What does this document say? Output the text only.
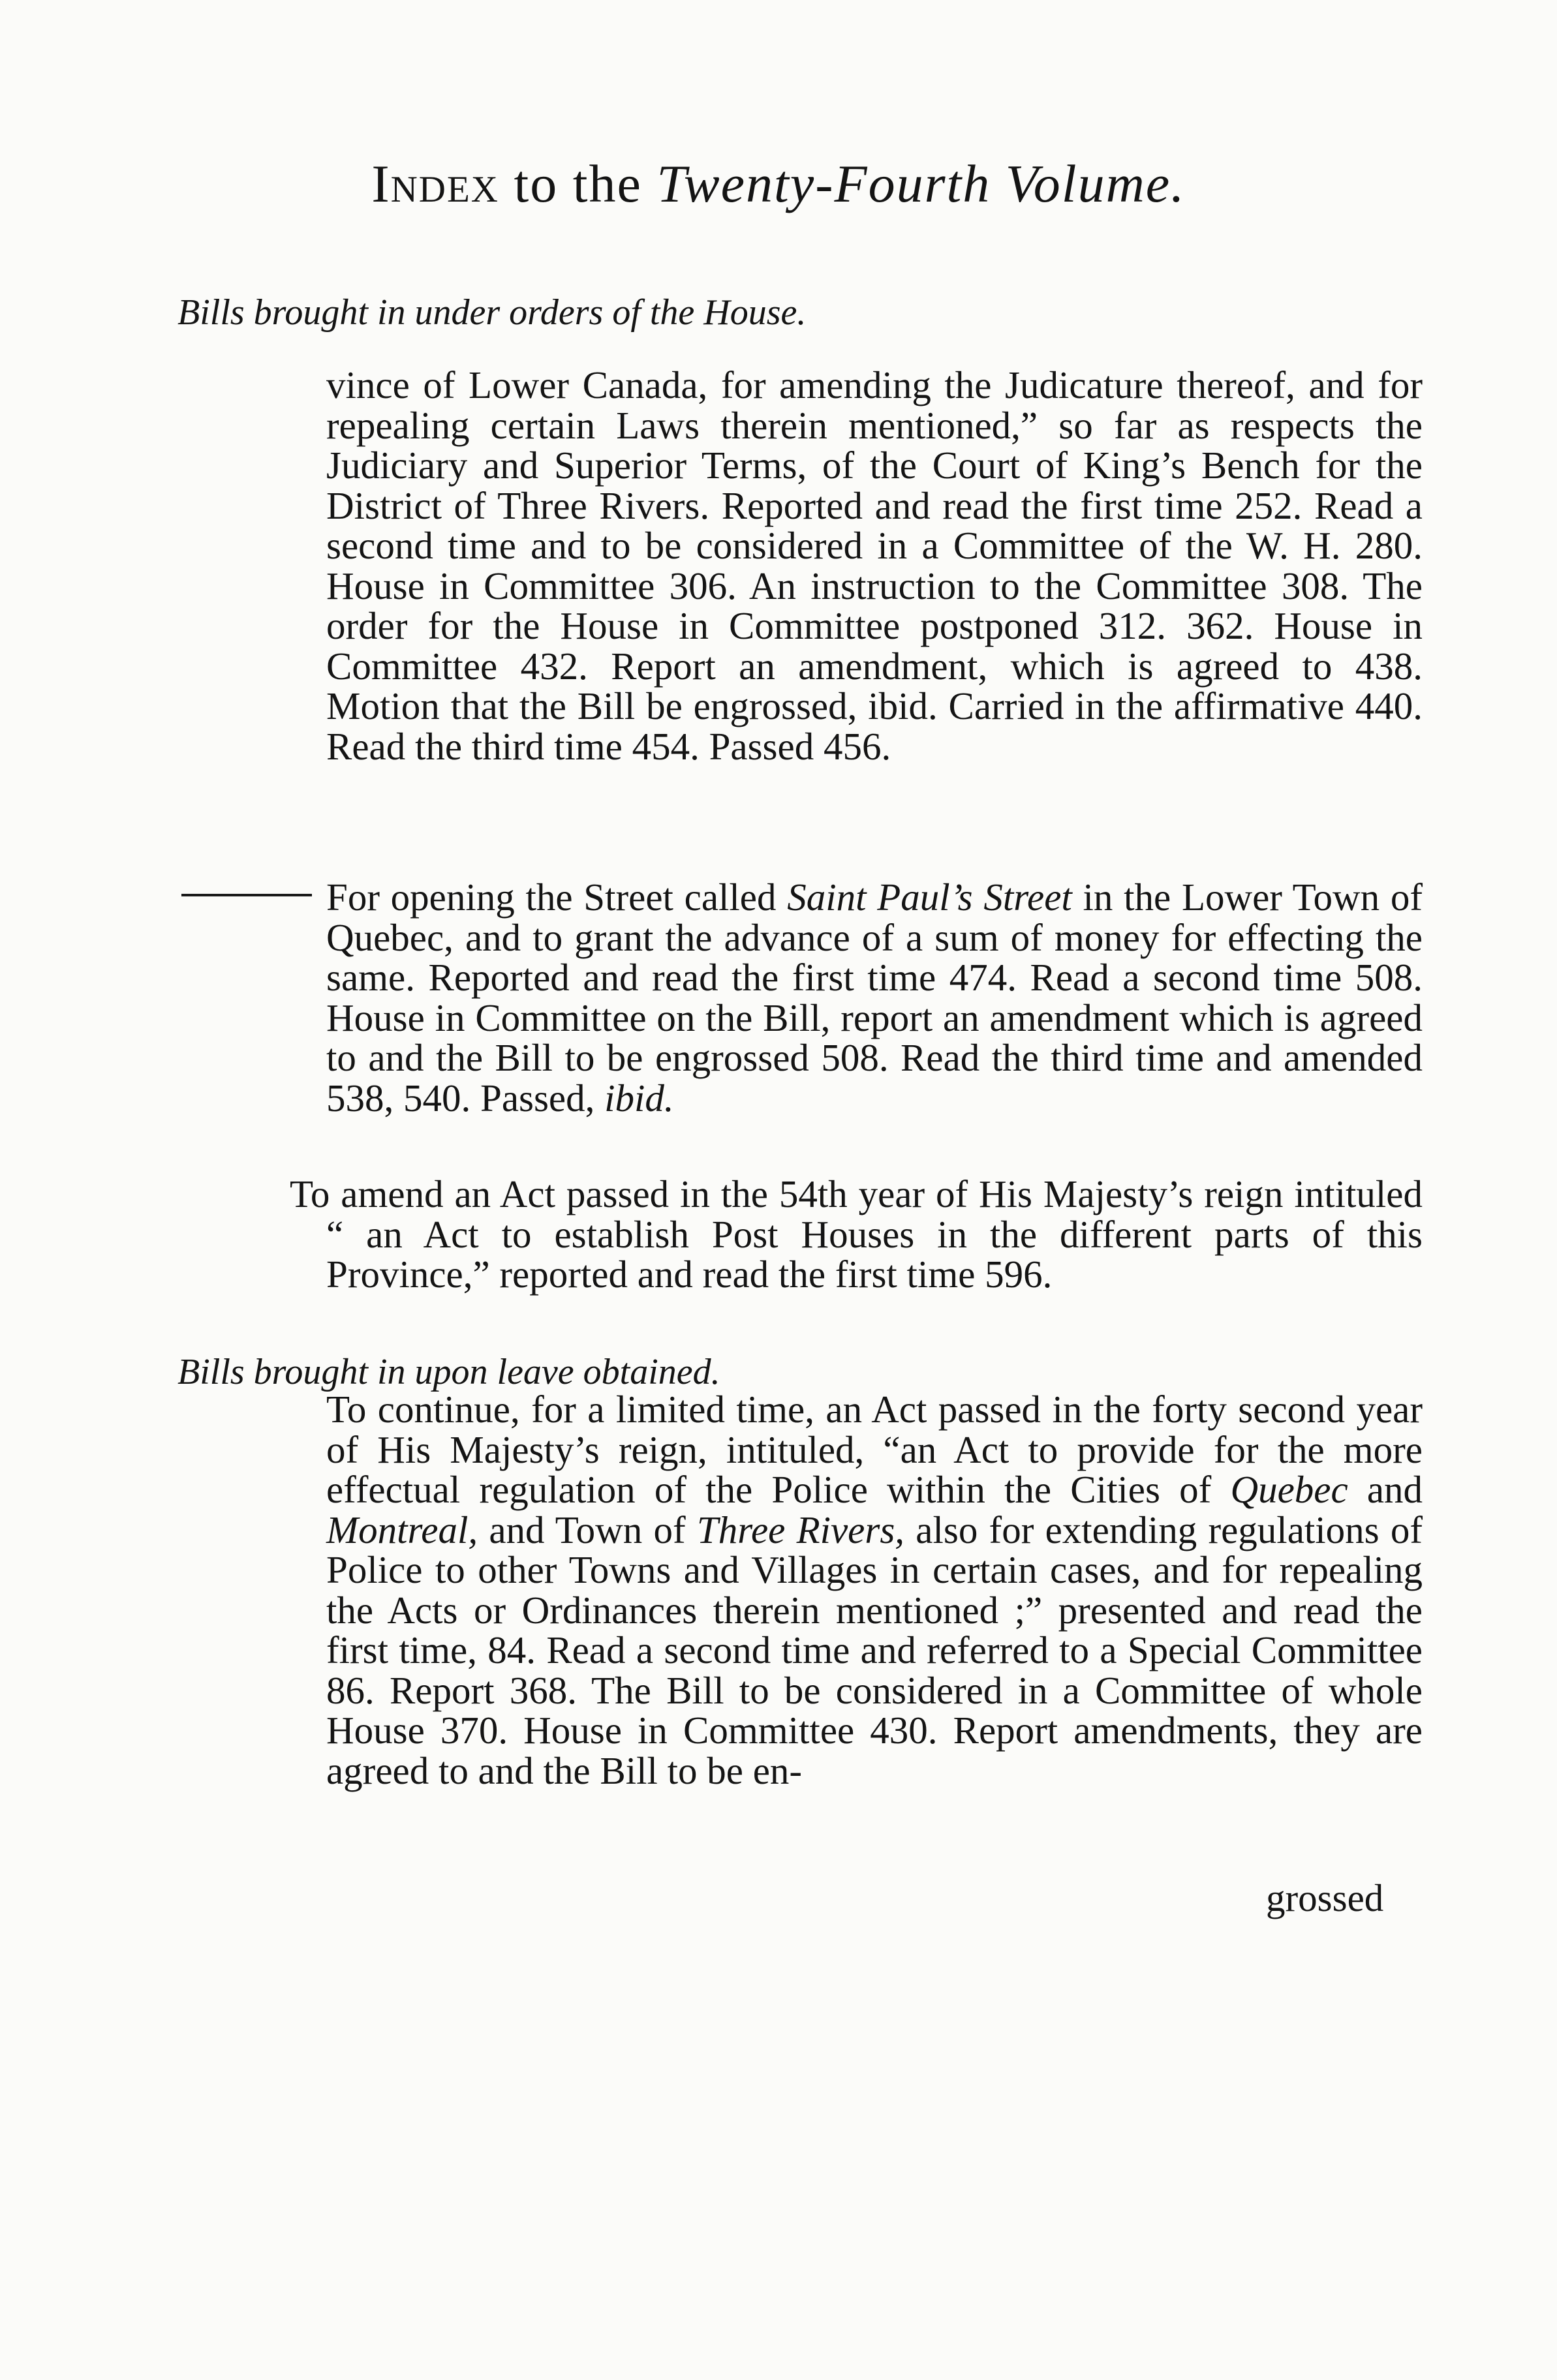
Index to the Twenty-Fourth Volume.
Bills brought in under orders of the House.
vince of Lower Canada, for amending the Judicature thereof, and for repealing certain Laws therein mentioned,” so far as respects the Judiciary and Superior Terms, of the Court of King’s Bench for the District of Three Rivers. Reported and read the first time 252. Read a second time and to be considered in a Committee of the W. H. 280. House in Committee 306. An instruction to the Committee 308. The order for the House in Committee postponed 312. 362. House in Committee 432. Report an amendment, which is agreed to 438. Motion that the Bill be engrossed, ibid. Carried in the affirmative 440. Read the third time 454. Passed 456.
For opening the Street called Saint Paul’s Street in the Lower Town of Quebec, and to grant the advance of a sum of money for effecting the same. Reported and read the first time 474. Read a second time 508. House in Committee on the Bill, report an amendment which is agreed to and the Bill to be engrossed 508. Read the third time and amended 538, 540. Passed, ibid.
To amend an Act passed in the 54th year of His Majesty’s reign intituled “ an Act to establish Post Houses in the different parts of this Province,” reported and read the first time 596.
Bills brought in upon leave obtained.
To continue, for a limited time, an Act passed in the forty second year of His Majesty’s reign, intituled, “an Act to provide for the more effectual regulation of the Police within the Cities of Quebec and Montreal, and Town of Three Rivers, also for extending regulations of Police to other Towns and Villages in certain cases, and for repealing the Acts or Ordinances therein mentioned ;” presented and read the first time, 84. Read a second time and referred to a Special Committee 86. Report 368. The Bill to be considered in a Committee of whole House 370. House in Committee 430. Report amendments, they are agreed to and the Bill to be en-
grossed
